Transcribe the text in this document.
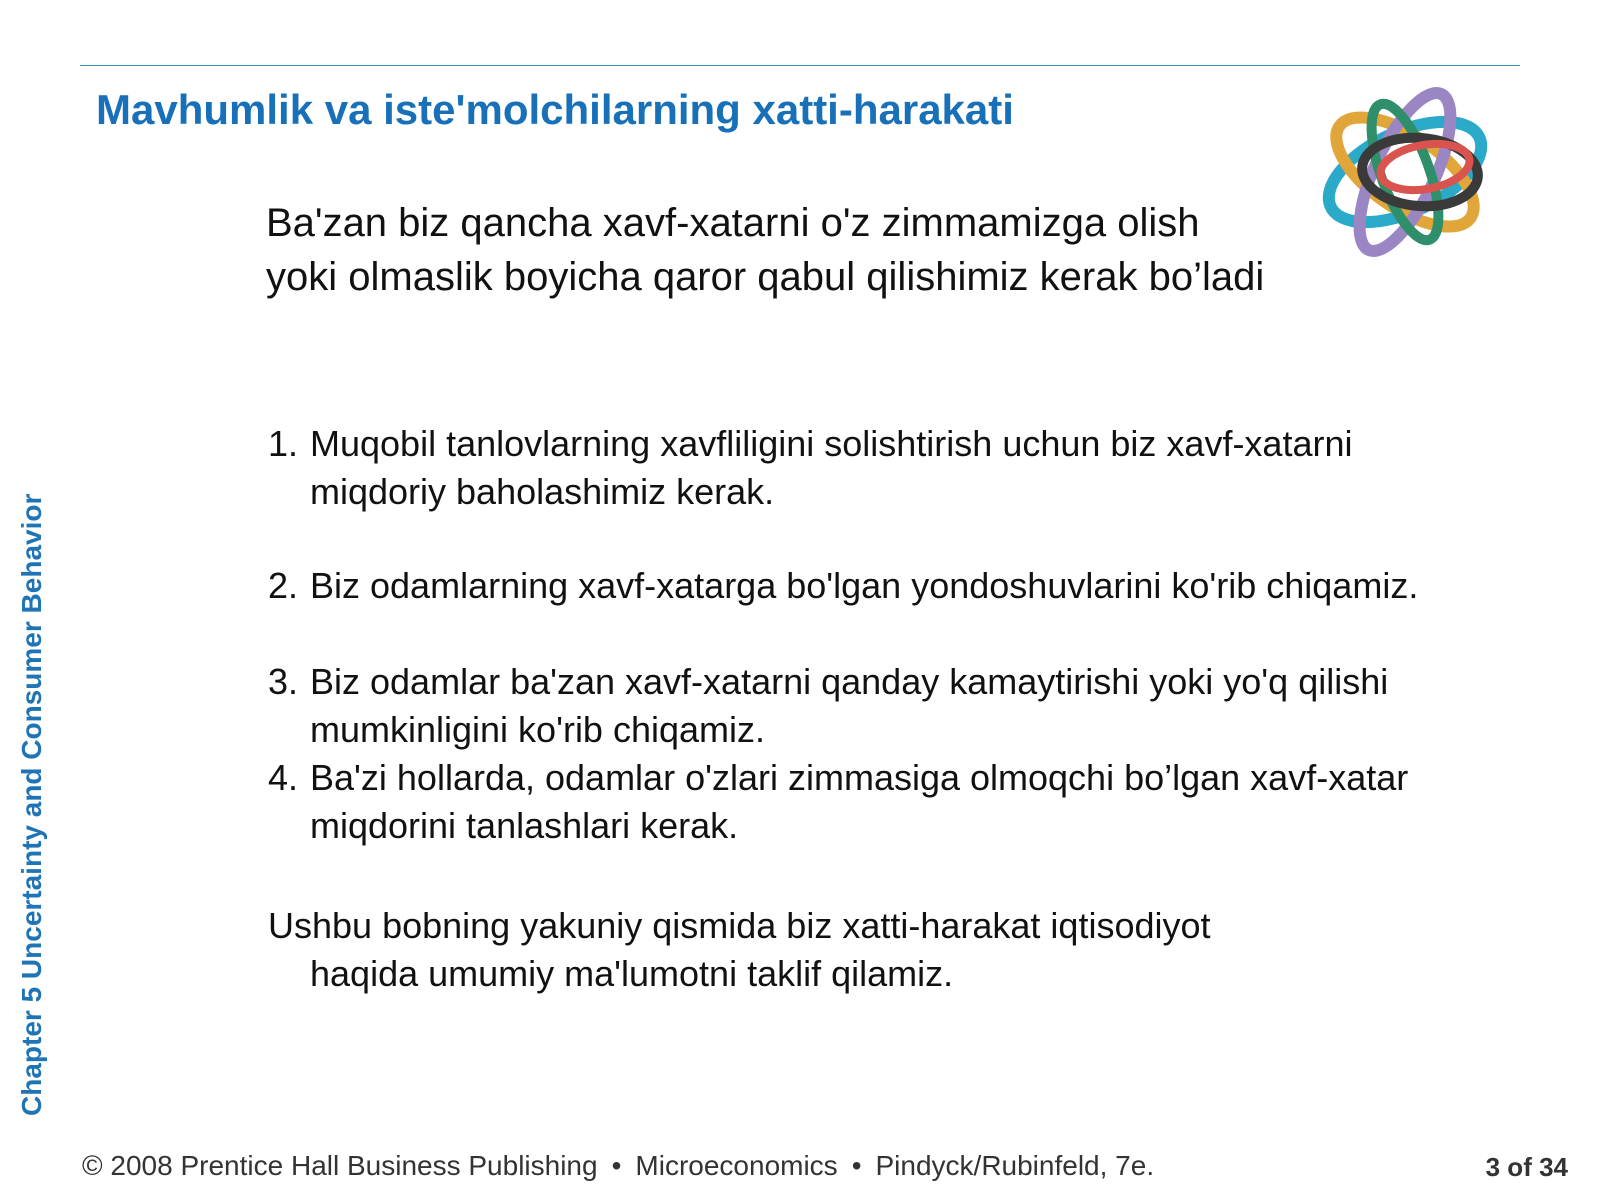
Mavhumlik va iste'molchilarning xatti-harakati
Chapter 5 Uncertainty and Consumer Behavior
Ba'zan biz qancha xavf-xatarni o'z zimmamizga olish yoki olmaslik boyicha qaror qabul qilishimiz kerak bo’ladi
1. Muqobil tanlovlarning xavfliligini solishtirish uchun biz xavf-xatarni miqdoriy baholashimiz kerak.
2. Biz odamlarning xavf-xatarga bo'lgan yondoshuvlarini ko'rib chiqamiz.
3. Biz odamlar ba'zan xavf-xatarni qanday kamaytirishi yoki yo'q qilishi mumkinligini ko'rib chiqamiz.
4. Ba'zi hollarda, odamlar o'zlari zimmasiga olmoqchi bo’lgan xavf-xatar miqdorini tanlashlari kerak.
Ushbu bobning yakuniy qismida biz xatti-harakat iqtisodiyot
haqida umumiy ma'lumotni taklif qilamiz.
© 2008 Prentice Hall Business Publishing • Microeconomics • Pindyck/Rubinfeld, 7e.	3 of 34
